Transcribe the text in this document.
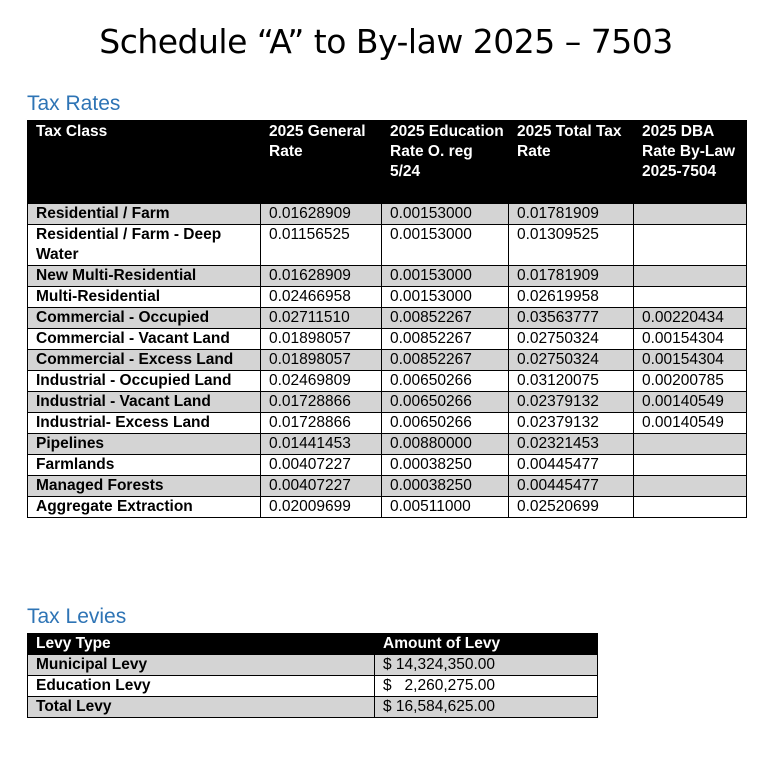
Schedule “A” to By-law 2025 – 7503
Tax Rates
Tax Class	2025 General Rate	2025 Education Rate O. reg 5/24	2025 Total Tax Rate	2025 DBA Rate By-Law 2025-7504
Residential / Farm	0.01628909	0.00153000	0.01781909	
Residential / Farm - Deep Water	0.01156525	0.00153000	0.01309525	
New Multi-Residential	0.01628909	0.00153000	0.01781909	
Multi-Residential	0.02466958	0.00153000	0.02619958	
Commercial - Occupied	0.02711510	0.00852267	0.03563777	0.00220434
Commercial - Vacant Land	0.01898057	0.00852267	0.02750324	0.00154304
Commercial - Excess Land	0.01898057	0.00852267	0.02750324	0.00154304
Industrial - Occupied Land	0.02469809	0.00650266	0.03120075	0.00200785
Industrial - Vacant Land	0.01728866	0.00650266	0.02379132	0.00140549
Industrial- Excess Land	0.01728866	0.00650266	0.02379132	0.00140549
Pipelines	0.01441453	0.00880000	0.02321453	
Farmlands	0.00407227	0.00038250	0.00445477	
Managed Forests	0.00407227	0.00038250	0.00445477	
Aggregate Extraction	0.02009699	0.00511000	0.02520699	
Tax Levies
Levy Type	Amount of Levy
Municipal Levy	$ 14,324,350.00
Education Levy	$   2,260,275.00
Total Levy	$ 16,584,625.00
